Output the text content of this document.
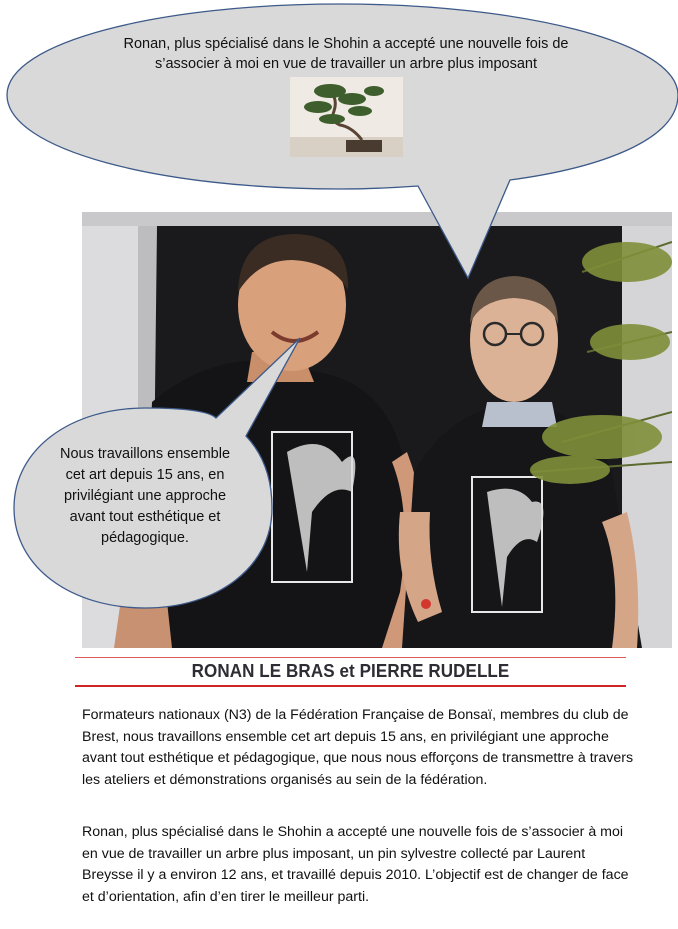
Ronan, plus spécialisé dans le Shohin a accepté une nouvelle fois de s’associer à moi en vue de travailler un arbre plus imposant
Nous travaillons ensemble cet art depuis 15 ans, en privilégiant une approche avant tout esthétique et pédagogique.
RONAN LE BRAS et PIERRE RUDELLE
Formateurs nationaux (N3) de la Fédération Française de Bonsaï, membres du club de Brest, nous travaillons ensemble cet art depuis 15 ans, en privilégiant une approche avant tout esthétique et pédagogique, que nous nous efforçons de transmettre à travers les ateliers et démonstrations organisés au sein de la fédération.
Ronan, plus spécialisé dans le Shohin a accepté une nouvelle fois de s’associer à moi en vue de travailler un arbre plus imposant, un pin sylvestre collecté par Laurent Breysse il y a environ 12 ans, et travaillé depuis 2010. L’objectif est de changer de face et d’orientation, afin d’en tirer le meilleur parti.
